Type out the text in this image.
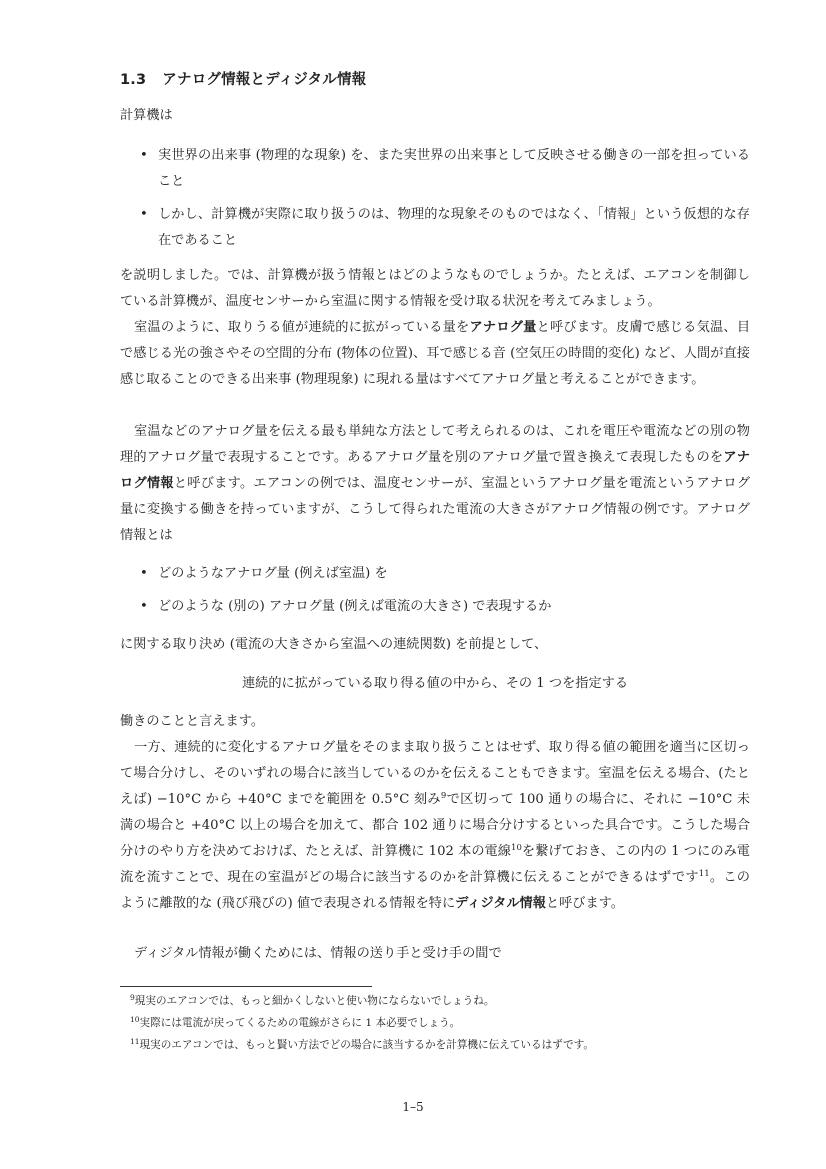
1.3 アナログ情報とディジタル情報

計算機は

• 実世界の出来事 (物理的な現象) を、また実世界の出来事として反映させる働きの一部を担っていること
• しかし、計算機が実際に取り扱うのは、物理的な現象そのものではなく、「情報」という仮想的な存在であること

を説明しました。では、計算機が扱う情報とはどのようなものでしょうか。たとえば、エアコンを制御している計算機が、温度センサーから室温に関する情報を受け取る状況を考えてみましょう。

室温のように、取りうる値が連続的に拡がっている量をアナログ量と呼びます。皮膚で感じる気温、目で感じる光の強さやその空間的分布 (物体の位置)、耳で感じる音 (空気圧の時間的変化) など、人間が直接感じ取ることのできる出来事 (物理現象) に現れる量はすべてアナログ量と考えることができます。

室温などのアナログ量を伝える最も単純な方法として考えられるのは、これを電圧や電流などの別の物理的アナログ量で表現することです。あるアナログ量を別のアナログ量で置き換えて表現したものをアナログ情報と呼びます。エアコンの例では、温度センサーが、室温というアナログ量を電流というアナログ量に変換する働きを持っていますが、こうして得られた電流の大きさがアナログ情報の例です。アナログ情報とは

• どのようなアナログ量 (例えば室温) を
• どのような (別の) アナログ量 (例えば電流の大きさ) で表現するか

に関する取り決め (電流の大きさから室温への連続関数) を前提として、

連続的に拡がっている取り得る値の中から、その 1 つを指定する

働きのことと言えます。

一方、連続的に変化するアナログ量をそのまま取り扱うことはせず、取り得る値の範囲を適当に区切って場合分けし、そのいずれの場合に該当しているのかを伝えることもできます。室温を伝える場合、(たとえば) −10°C から +40°C までを範囲を 0.5°C 刻み$^9$で区切って 100 通りの場合に、それに −10°C 未満の場合と +40°C 以上の場合を加えて、都合 102 通りに場合分けするといった具合です。こうした場合分けのやり方を決めておけば、たとえば、計算機に 102 本の電線$^{10}$を繋げておき、この内の 1 つにのみ電流を流すことで、現在の室温がどの場合に該当するのかを計算機に伝えることができるはずです$^{11}$。このように離散的な (飛び飛びの) 値で表現される情報を特にディジタル情報と呼びます。

ディジタル情報が働くためには、情報の送り手と受け手の間で

$^9$現実のエアコンでは、もっと細かくしないと使い物にならないでしょうね。
$^{10}$実際には電流が戻ってくるための電線がさらに 1 本必要でしょう。
$^{11}$現実のエアコンでは、もっと賢い方法でどの場合に該当するかを計算機に伝えているはずです。
1–5
